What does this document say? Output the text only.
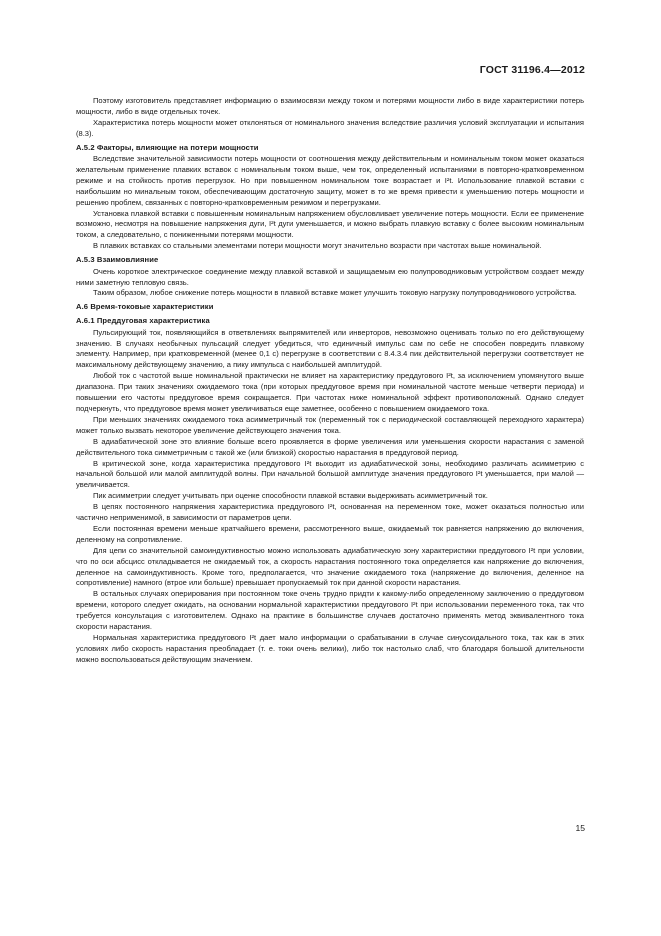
ГОСТ 31196.4—2012

Поэтому изготовитель представляет информацию о взаимосвязи между током и потерями мощности либо в виде характеристики потерь мощности, либо в виде отдельных точек.

Характеристика потерь мощности может отклоняться от номинального значения вследствие различия условий эксплуатации и испытания (8.3).

А.5.2 Факторы, влияющие на потери мощности

Вследствие значительной зависимости потерь мощности от соотношения между действительным и номинальным током может оказаться желательным применение плавких вставок с номинальным током выше, чем ток, определенный испытаниями в повторно-кратковременном режиме и на стойкость против перегрузок. Но при повышенном номинальном токе возрастает и I²t. Использование плавкой вставки с наибольшим но минальным током, обеспечивающим достаточную защиту, может в то же время привести к уменьшению потерь мощности и решению проблем, связанных с повторно-кратковременным режимом и перегрузками.

Установка плавкой вставки с повышенным номинальным напряжением обусловливает увеличение потерь мощности. Если ее применение возможно, несмотря на повышение напряжения дуги, I²t дуги уменьшается, и можно выбрать плавкую вставку с более высоким номинальным током, а следовательно, с пониженными потерями мощности.

В плавких вставках со стальными элементами потери мощности могут значительно возрасти при частотах выше номинальной.

А.5.3 Взаимовлияние

Очень короткое электрическое соединение между плавкой вставкой и защищаемым ею полупроводниковым устройством создает между ними заметную тепловую связь.

Таким образом, любое снижение потерь мощности в плавкой вставке может улучшить токовую нагрузку полупроводникового устройства.

А.6 Время-токовые характеристики
А.6.1 Преддуговая характеристика

Пульсирующий ток, появляющийся в ответвлениях выпрямителей или инверторов, невозможно оценивать только по его действующему значению. В случаях необычных пульсаций следует убедиться, что единичный импульс сам по себе не способен повредить плавкому элементу. Например, при кратковременной (менее 0,1 с) перегрузке в соответствии с 8.4.3.4 пик действительной перегрузки соответствует не максимальному действующему значению, а пику импульса с наибольшей амплитудой.

Любой ток с частотой выше номинальной практически не влияет на характеристику преддугового I²t, за исключением упомянутого выше диапазона. При таких значениях ожидаемого тока (при которых преддуговое время при номинальной частоте меньше четверти периода) и повышении его частоты преддуговое время сокращается. При частотах ниже номинальной эффект противоположный. Однако следует подчеркнуть, что преддуговое время может увеличиваться еще заметнее, особенно с повышением ожидаемого тока.

При меньших значениях ожидаемого тока асимметричный ток (переменный ток с периодической составляющей переходного характера) может только вызвать некоторое увеличение действующего значения тока.

В адиабатической зоне это влияние больше всего проявляется в форме увеличения или уменьшения скорости нарастания с заменой действительного тока симметричным с такой же (или близкой) скоростью нарастания в преддуговой период.

В критической зоне, когда характеристика преддугового I²t выходит из адиабатической зоны, необходимо различать асимметрию с начальной большой или малой амплитудой волны. При начальной большой амплитуде значения преддугового I²t уменьшается, при малой — увеличивается.

Пик асимметрии следует учитывать при оценке способности плавкой вставки выдерживать асимметричный ток.

В цепях постоянного напряжения характеристика преддугового I²t, основанная на переменном токе, может оказаться полностью или частично неприменимой, в зависимости от параметров цепи.

Если постоянная времени меньше кратчайшего времени, рассмотренного выше, ожидаемый ток равняется напряжению до включения, деленному на сопротивление.

Для цепи со значительной самоиндуктивностью можно использовать адиабатическую зону характеристики преддугового I²t при условии, что по оси абсцисс откладывается не ожидаемый ток, а скорость нарастания постоянного тока определяется как напряжение до включения, деленное на самоиндуктивность. Кроме того, предполагается, что значение ожидаемого тока (напряжение до включения, деленное на сопротивление) намного (втрое или больше) превышает пропускаемый ток при данной скорости нарастания.

В остальных случаях оперирования при постоянном токе очень трудно придти к какому-либо определенному заключению о преддуговом времени, которого следует ожидать, на основании нормальной характеристики преддугового I²t при использовании переменного тока, так что требуется консультация с изготовителем. Однако на практике в большинстве случаев достаточно применять метод эквивалентного тока скорости нарастания.

Нормальная характеристика преддугового I²t дает мало информации о срабатывании в случае синусоидального тока, так как в этих условиях либо скорость нарастания преобладает (т. е. токи очень велики), либо ток настолько слаб, что благодаря большой длительности можно воспользоваться действующим значением.

15
